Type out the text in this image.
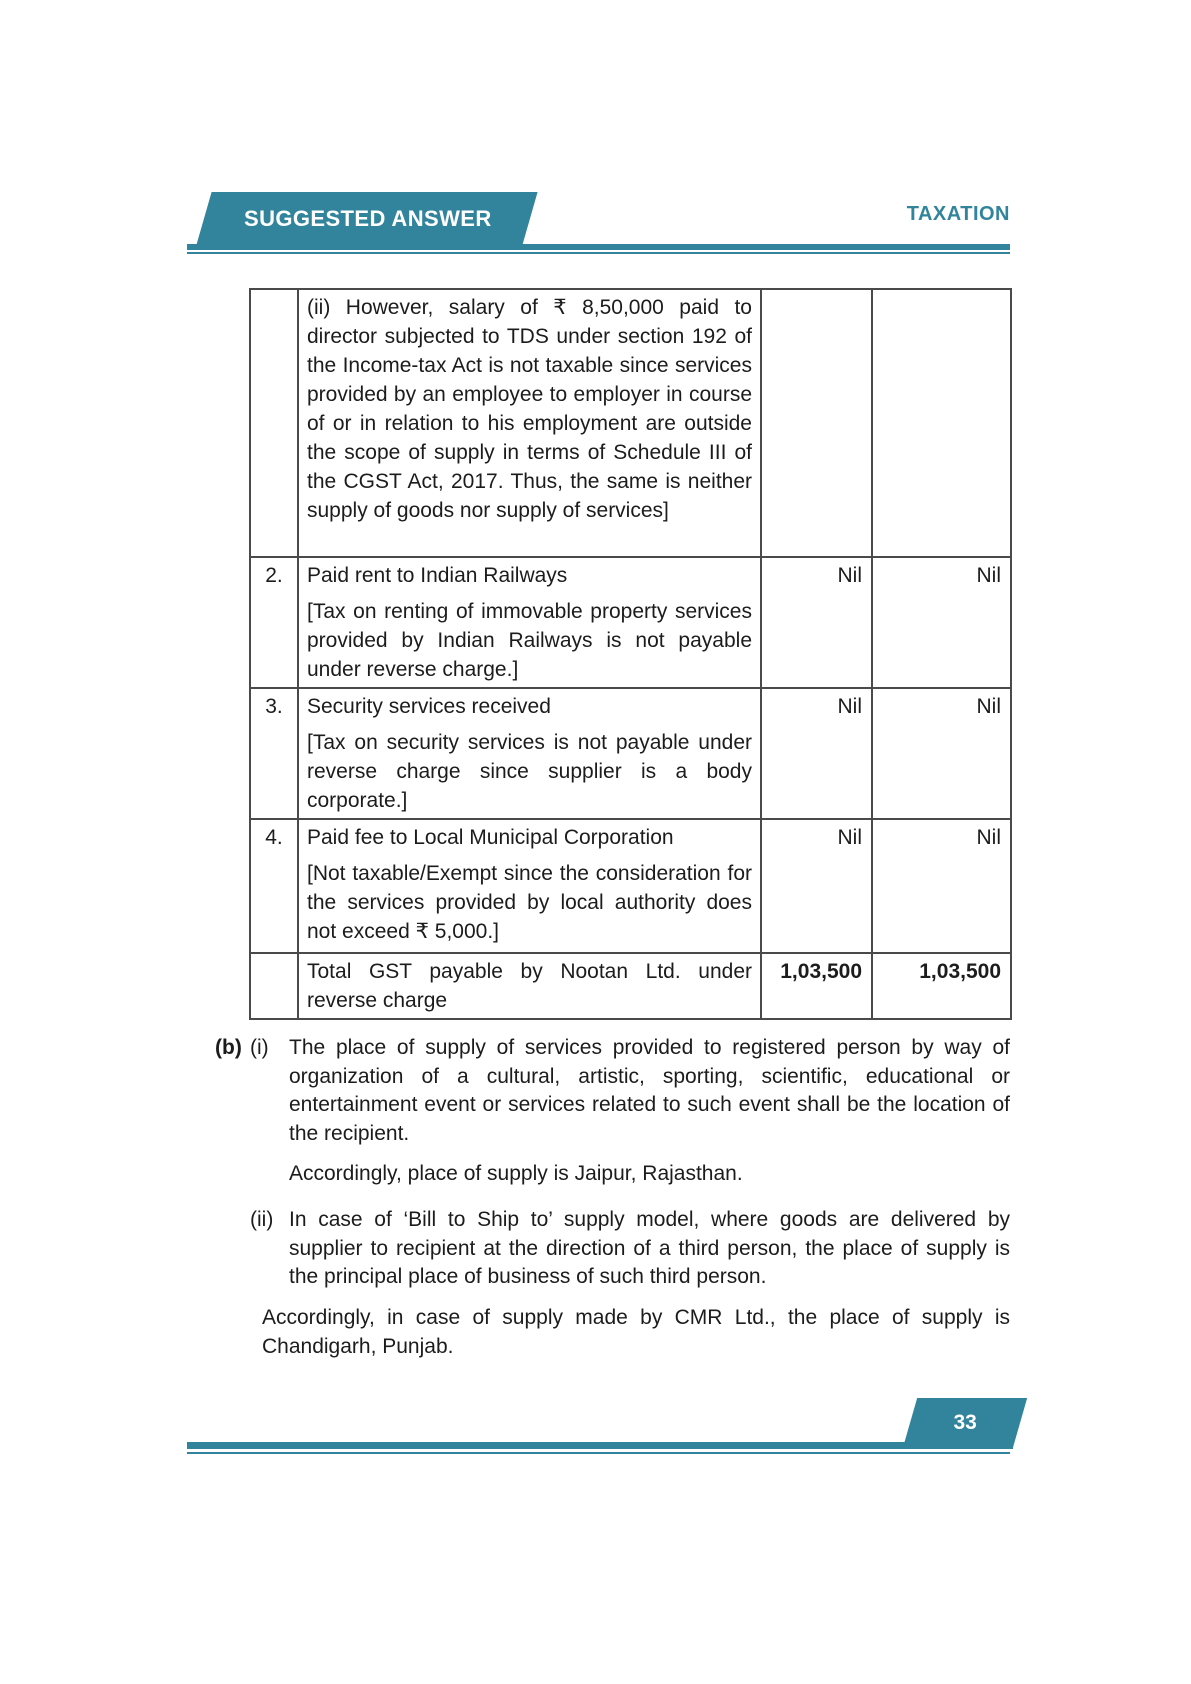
SUGGESTED ANSWER	TAXATION

	(ii) However, salary of ₹ 8,50,000 paid to director subjected to TDS under section 192 of the Income-tax Act is not taxable since services provided by an employee to employer in course of or in relation to his employment are outside the scope of supply in terms of Schedule III of the CGST Act, 2017. Thus, the same is neither supply of goods nor supply of services]		

2.	Paid rent to Indian Railways

[Tax on renting of immovable property services provided by Indian Railways is not payable under reverse charge.]	Nil	Nil
3.	Security services received

[Tax on security services is not payable under reverse charge since supplier is a body corporate.]	Nil	Nil
4.	Paid fee to Local Municipal Corporation

[Not taxable/Exempt since the consideration for the services provided by local authority does not exceed ₹ 5,000.]	Nil	Nil

	Total GST payable by Nootan Ltd. under reverse charge	1,03,500	1,03,500
(b) (i) The place of supply of services provided to registered person by way of organization of a cultural, artistic, sporting, scientific, educational or entertainment event or services related to such event shall be the location of the recipient.
Accordingly, place of supply is Jaipur, Rajasthan.
(ii) In case of ‘Bill to Ship to’ supply model, where goods are delivered by supplier to recipient at the direction of a third person, the place of supply is the principal place of business of such third person.
Accordingly, in case of supply made by CMR Ltd., the place of supply is Chandigarh, Punjab.
33
